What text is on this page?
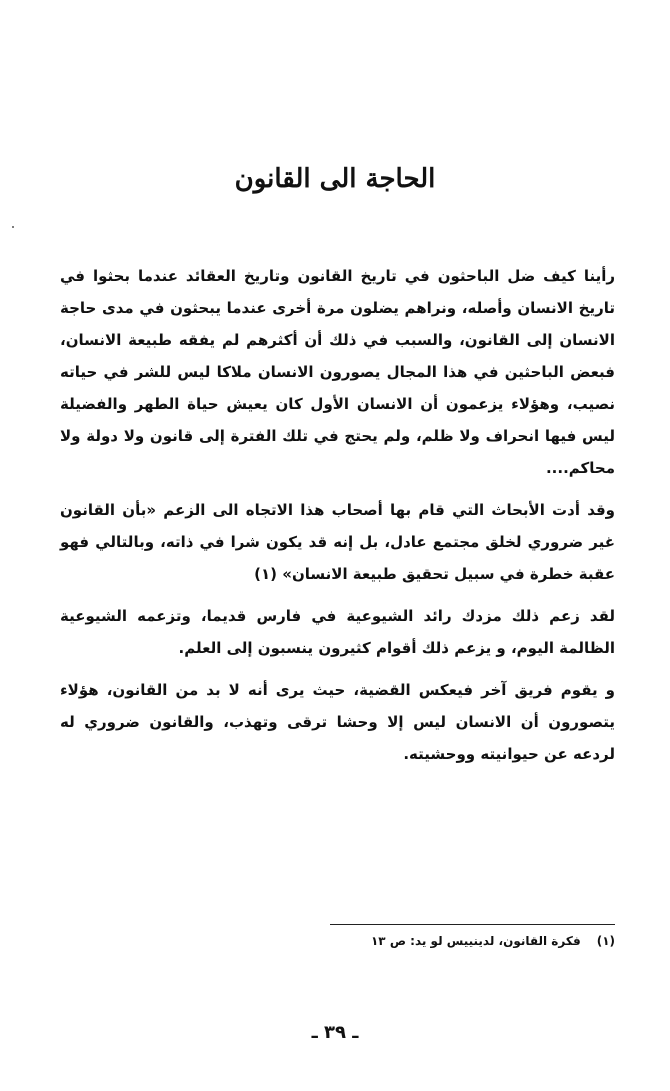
الحاجة الى القانون

رأينا كيف ضل الباحثون في تاريخ القانون وتاريخ العقائد عندما بحثوا في تاريخ الانسان وأصله، ونراهم يضلون مرة أخرى عندما يبحثون في مدى حاجة الانسان إلى القانون، والسبب في ذلك أن أكثرهم لم يفقه طبيعة الانسان، فبعض الباحثين في هذا المجال يصورون الانسان ملاكا ليس للشر في حياته نصيب، وهؤلاء يزعمون أن الانسان الأول كان يعيش حياة الطهر والفضيلة ليس فيها انحراف ولا ظلم، ولم يحتج في تلك الفترة إلى قانون ولا دولة ولا محاكم....

وقد أدت الأبحاث التي قام بها أصحاب هذا الاتجاه الى الزعم «بأن القانون غير ضروري لخلق مجتمع عادل، بل إنه قد يكون شرا في ذاته، وبالتالي فهو عقبة خطرة في سبيل تحقيق طبيعة الانسان» (١)

لقد زعم ذلك مزدك رائد الشيوعية في فارس قديما، وتزعمه الشيوعية الظالمة اليوم، و يزعم ذلك أقوام كثيرون ينسبون إلى العلم.

و يقوم فريق آخر فيعكس القضية، حيث يرى أنه لا بد من القانون، هؤلاء يتصورون أن الانسان ليس إلا وحشا ترقى وتهذب، والقانون ضروري له لردعه عن حيوانيته ووحشيته.

(١)
فكرة القانون، لدينييس لو يد: ص ١٣
ـ ٣٩ ـ
